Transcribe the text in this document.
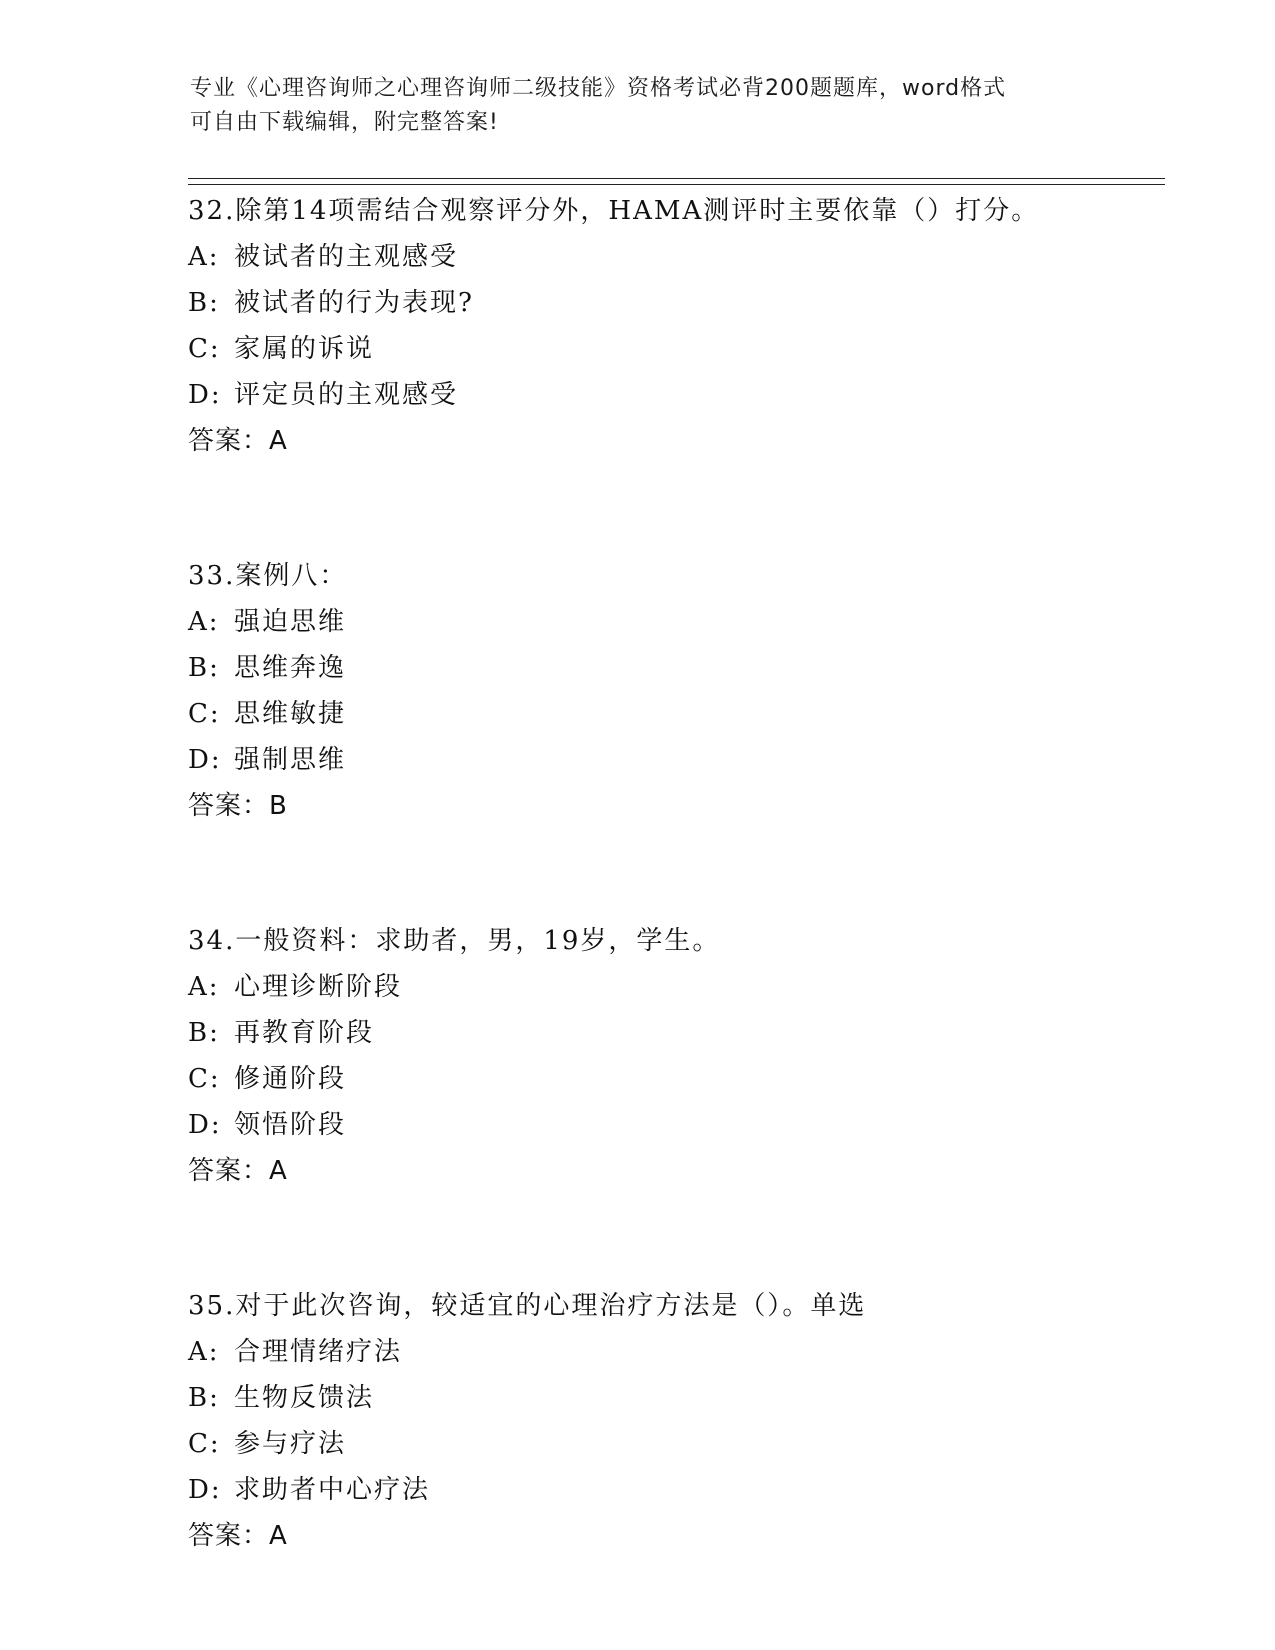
专业《心理咨询师之心理咨询师二级技能》资格考试必背200题题库，word格式
可自由下载编辑，附完整答案!
32.除第14项需结合观察评分外，HAMA测评时主要依靠（）打分。
A: 被试者的主观感受
B: 被试者的行为表现?
C: 家属的诉说
D: 评定员的主观感受
答案：A
33.案例八：
A: 强迫思维
B: 思维奔逸
C: 思维敏捷
D: 强制思维
答案：B
34.一般资料：求助者，男，19岁，学生。
A: 心理诊断阶段
B: 再教育阶段
C: 修通阶段
D: 领悟阶段
答案：A
35.对于此次咨询，较适宜的心理治疗方法是（）。单选
A: 合理情绪疗法
B: 生物反馈法
C: 参与疗法
D: 求助者中心疗法
答案：A
